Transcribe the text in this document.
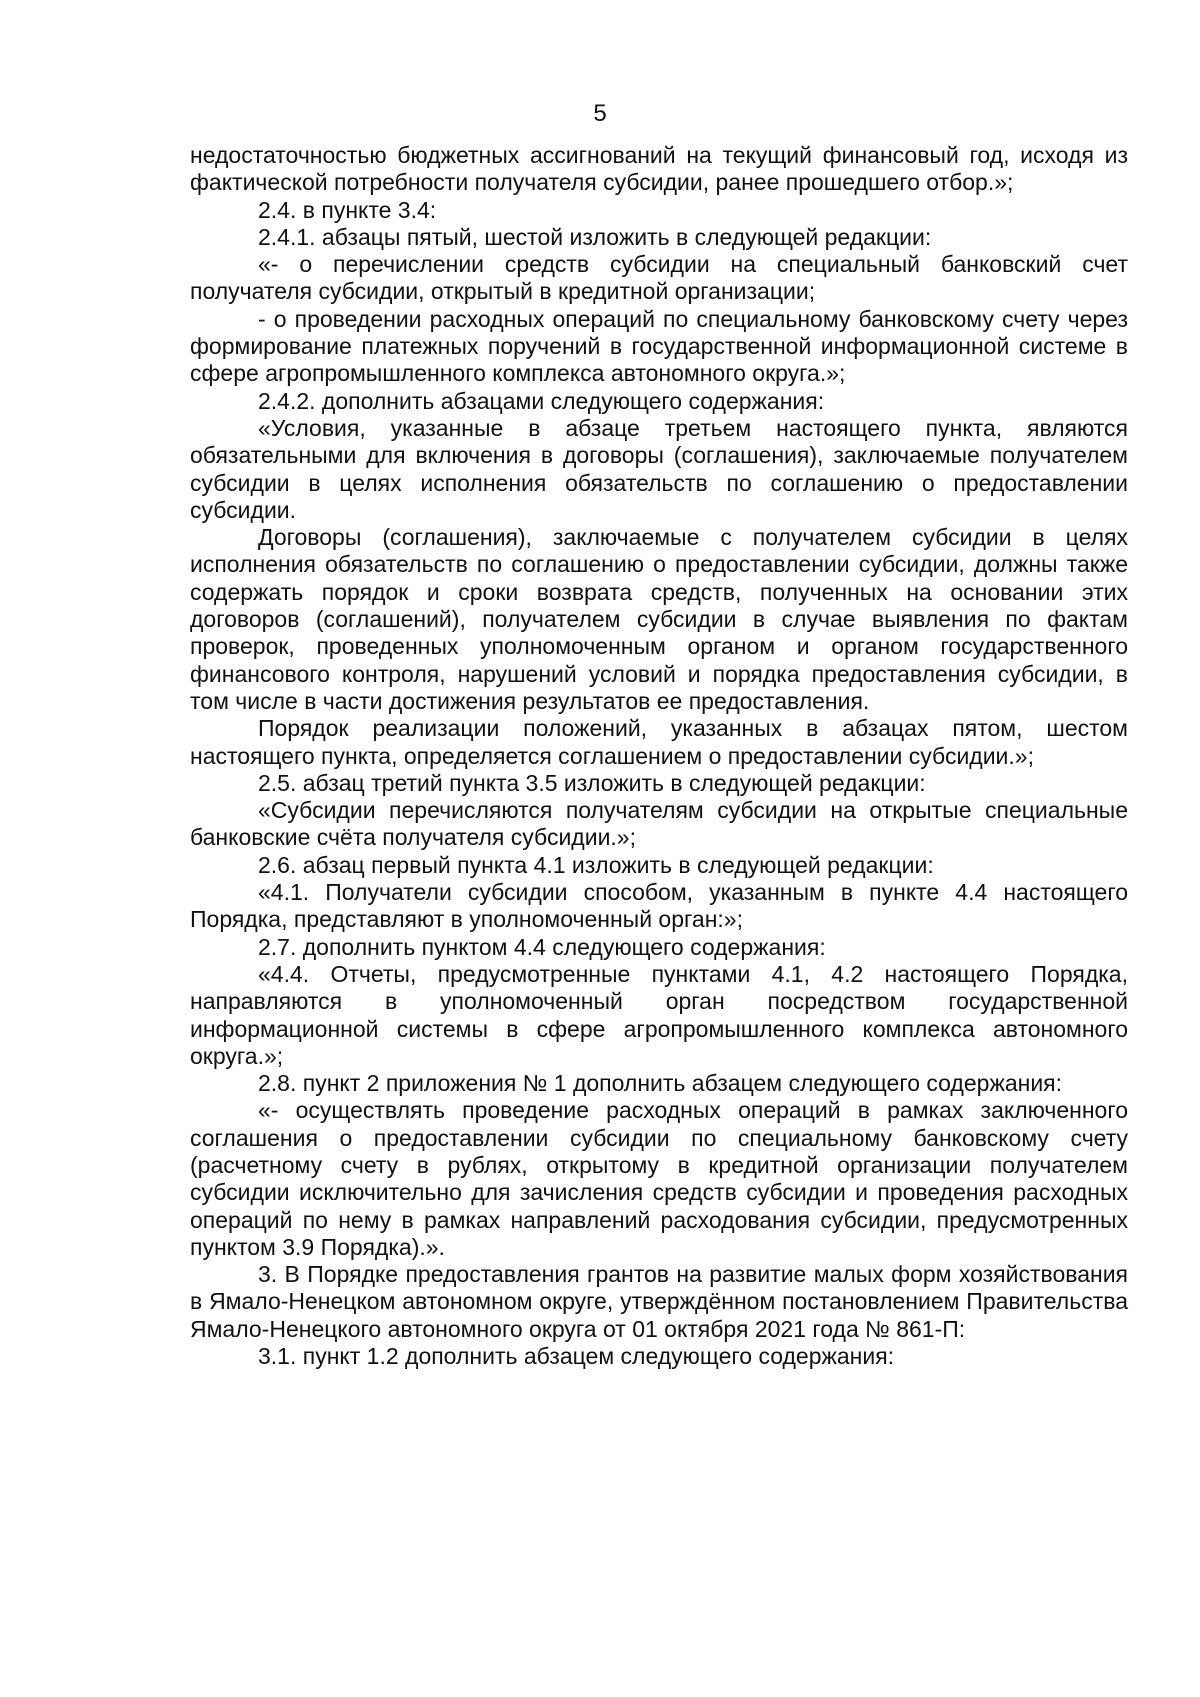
5

недостаточностью бюджетных ассигнований на текущий финансовый год, исходя из фактической потребности получателя субсидии, ранее прошедшего отбор.»;

2.4. в пункте 3.4:

2.4.1. абзацы пятый, шестой изложить в следующей редакции:

«- о перечислении средств субсидии на специальный банковский счет получателя субсидии, открытый в кредитной организации;

- о проведении расходных операций по специальному банковскому счету через формирование платежных поручений в государственной информационной системе в сфере агропромышленного комплекса автономного округа.»;

2.4.2. дополнить абзацами следующего содержания:

«Условия, указанные в абзаце третьем настоящего пункта, являются обязательными для включения в договоры (соглашения), заключаемые получателем субсидии в целях исполнения обязательств по соглашению о предоставлении субсидии.

Договоры (соглашения), заключаемые с получателем субсидии в целях исполнения обязательств по соглашению о предоставлении субсидии, должны также содержать порядок и сроки возврата средств, полученных на основании этих договоров (соглашений), получателем субсидии в случае выявления по фактам проверок, проведенных уполномоченным органом и органом государственного финансового контроля, нарушений условий и порядка предоставления субсидии, в том числе в части достижения результатов ее предоставления.

Порядок реализации положений, указанных в абзацах пятом, шестом настоящего пункта, определяется соглашением о предоставлении субсидии.»;

2.5. абзац третий пункта 3.5 изложить в следующей редакции:

«Субсидии перечисляются получателям субсидии на открытые специальные банковские счёта получателя субсидии.»;

2.6. абзац первый пункта 4.1 изложить в следующей редакции:

«4.1. Получатели субсидии способом, указанным в пункте 4.4 настоящего Порядка, представляют в уполномоченный орган:»;

2.7. дополнить пунктом 4.4 следующего содержания:

«4.4. Отчеты, предусмотренные пунктами 4.1, 4.2 настоящего Порядка, направляются в уполномоченный орган посредством государственной информационной системы в сфере агропромышленного комплекса автономного округа.»;

2.8. пункт 2 приложения № 1 дополнить абзацем следующего содержания:

«- осуществлять проведение расходных операций в рамках заключенного соглашения о предоставлении субсидии по специальному банковскому счету (расчетному счету в рублях, открытому в кредитной организации получателем субсидии исключительно для зачисления средств субсидии и проведения расходных операций по нему в рамках направлений расходования субсидии, предусмотренных пунктом 3.9 Порядка).».

3. В Порядке предоставления грантов на развитие малых форм хозяйствования в Ямало-Ненецком автономном округе, утверждённом постановлением Правительства Ямало-Ненецкого автономного округа от 01 октября 2021 года № 861-П:

3.1. пункт 1.2 дополнить абзацем следующего содержания:
